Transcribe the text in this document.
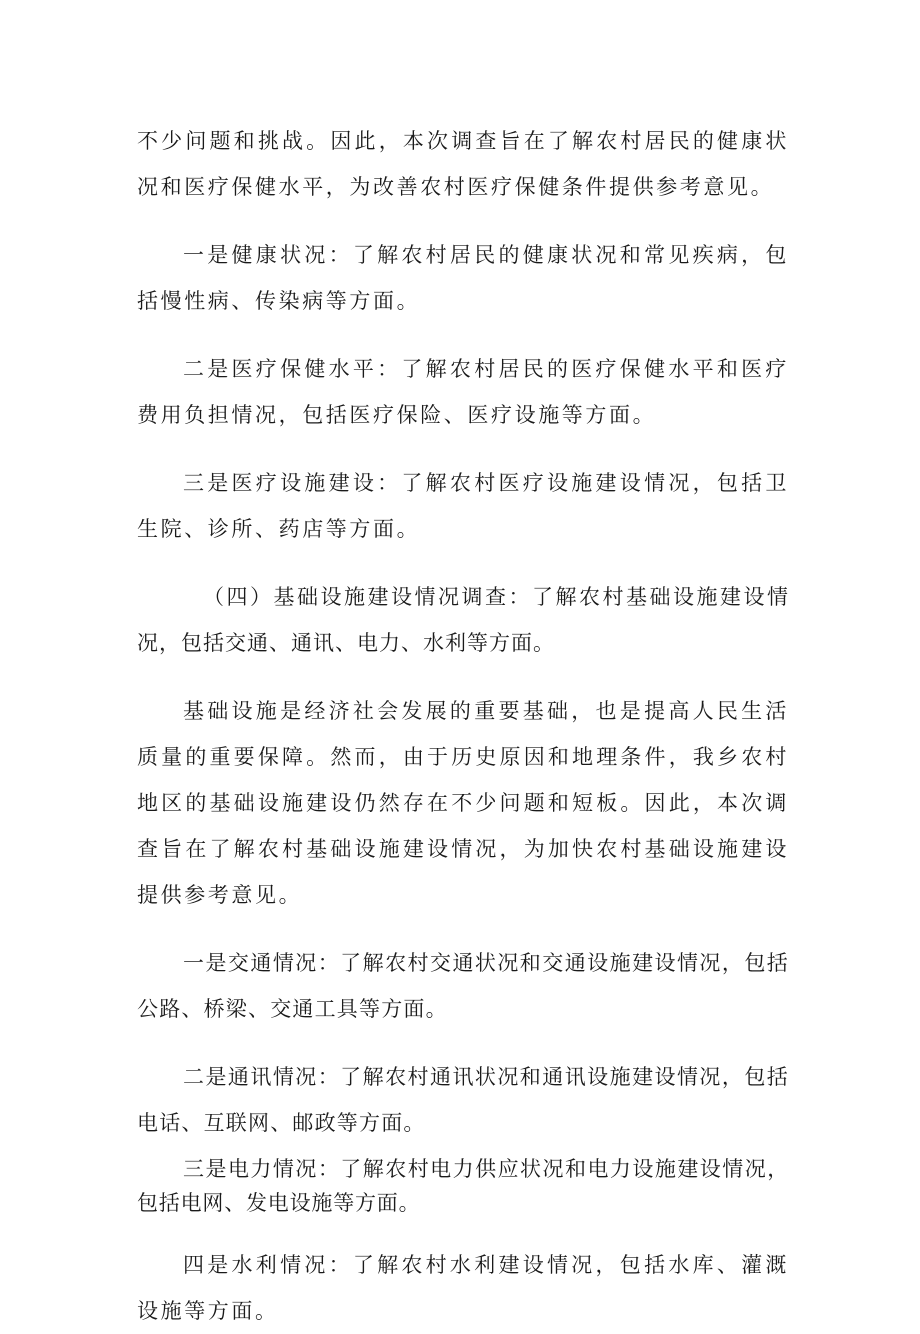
不少问题和挑战。因此，本次调查旨在了解农村居民的健康状况和医疗保健水平，为改善农村医疗保健条件提供参考意见。

一是健康状况：了解农村居民的健康状况和常见疾病，包括慢性病、传染病等方面。

二是医疗保健水平：了解农村居民的医疗保健水平和医疗费用负担情况，包括医疗保险、医疗设施等方面。

三是医疗设施建设：了解农村医疗设施建设情况，包括卫生院、诊所、药店等方面。

（四）基础设施建设情况调查：了解农村基础设施建设情况，包括交通、通讯、电力、水利等方面。

基础设施是经济社会发展的重要基础，也是提高人民生活质量的重要保障。然而，由于历史原因和地理条件，我乡农村地区的基础设施建设仍然存在不少问题和短板。因此，本次调查旨在了解农村基础设施建设情况，为加快农村基础设施建设提供参考意见。

一是交通情况：了解农村交通状况和交通设施建设情况，包括公路、桥梁、交通工具等方面。

二是通讯情况：了解农村通讯状况和通讯设施建设情况，包括电话、互联网、邮政等方面。

三是电力情况：了解农村电力供应状况和电力设施建设情况，包括电网、发电设施等方面。

四是水利情况：了解农村水利建设情况，包括水库、灌溉设施等方面。
